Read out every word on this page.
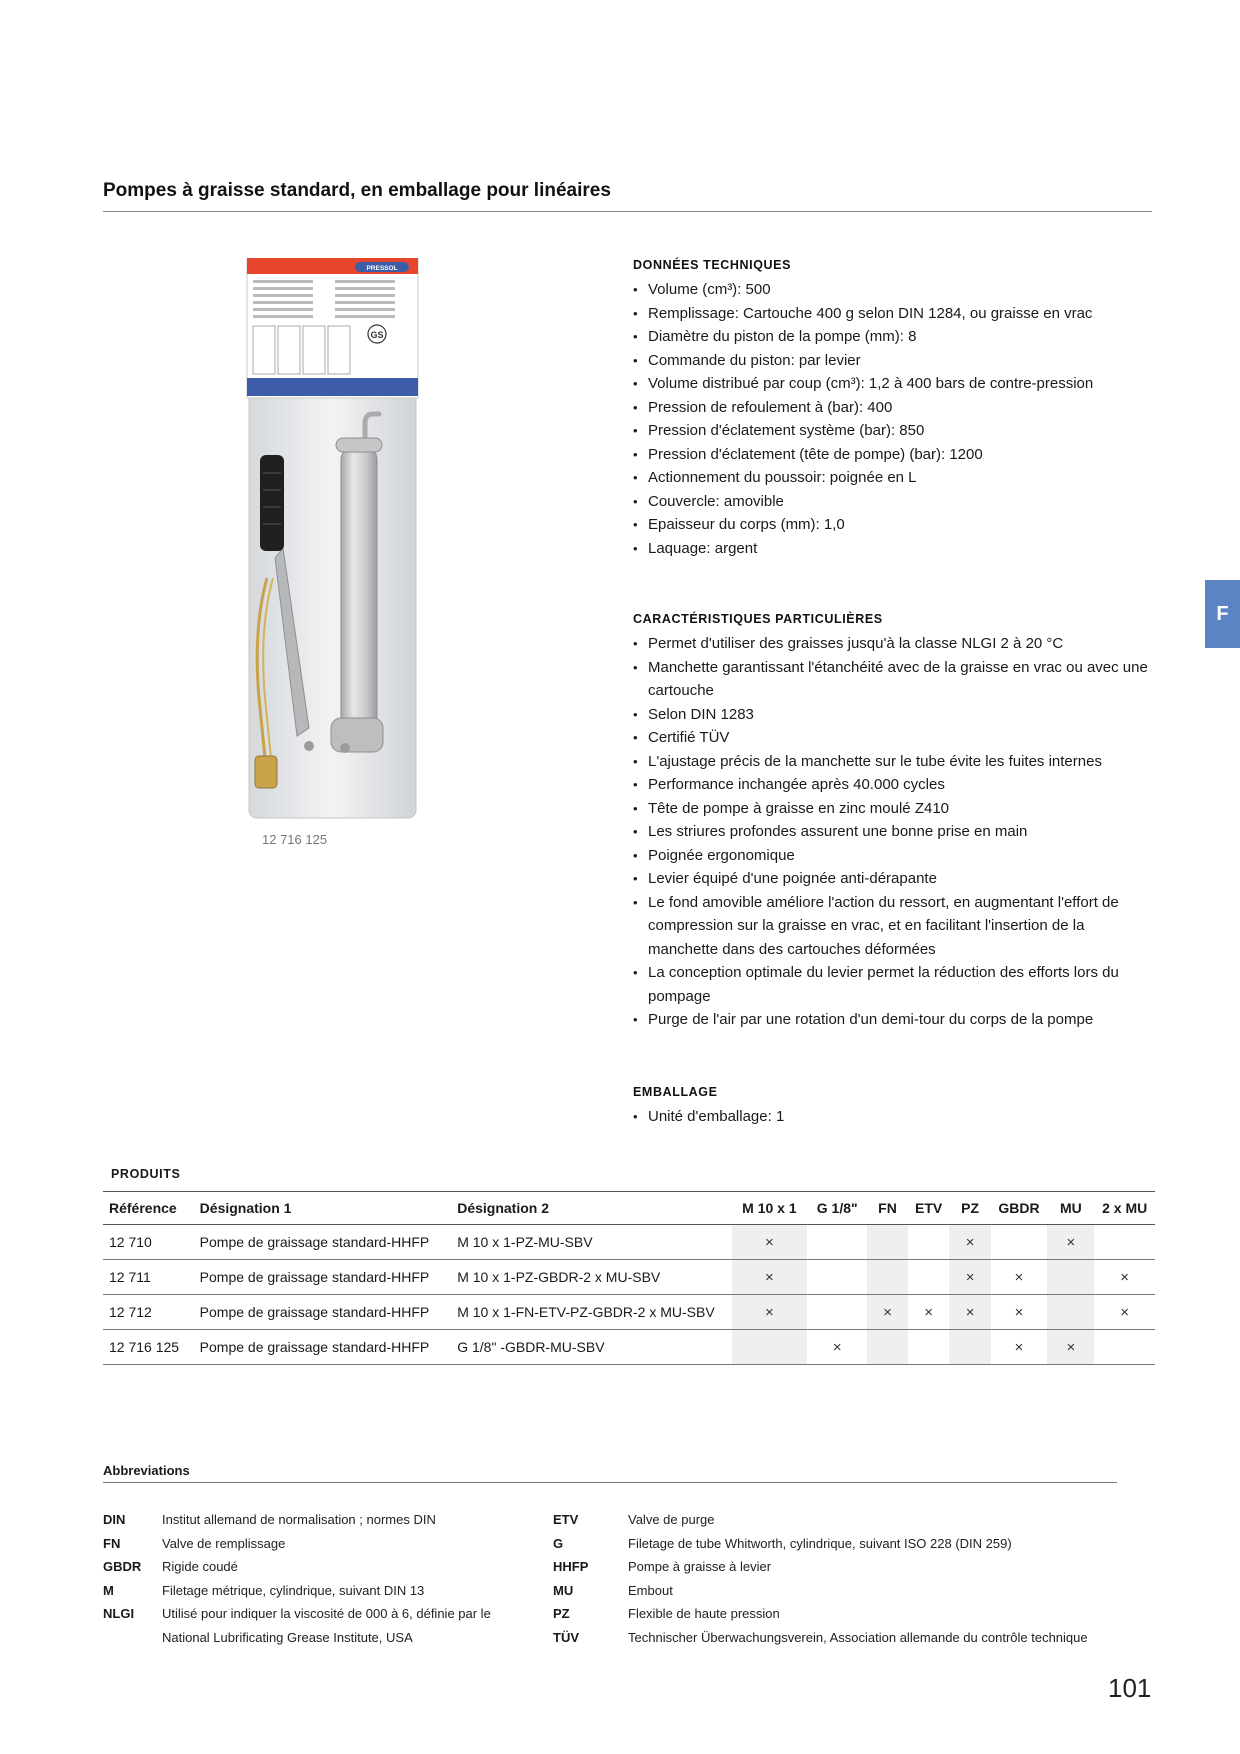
Pompes à graisse standard, en emballage pour linéaires
PRESSOL
GS
12 716 125
DONNÉES TECHNIQUES
• Volume (cm³): 500
• Remplissage: Cartouche 400 g selon DIN 1284, ou graisse en vrac
• Diamètre du piston de la pompe (mm): 8
• Commande du piston: par levier
• Volume distribué par coup (cm³): 1,2 à 400 bars de contre-pression
• Pression de refoulement à (bar): 400
• Pression d'éclatement système (bar): 850
• Pression d'éclatement (tête de pompe) (bar): 1200
• Actionnement du poussoir: poignée en L
• Couvercle: amovible
• Epaisseur du corps (mm): 1,0
• Laquage: argent
CARACTÉRISTIQUES PARTICULIÈRES
• Permet d'utiliser des graisses jusqu'à la classe NLGI 2 à 20 °C
• Manchette garantissant l'étanchéité avec de la graisse en vrac ou avec une cartouche
• Selon DIN 1283
• Certifié TÜV
• L'ajustage précis de la manchette sur le tube évite les fuites internes
• Performance inchangée après 40.000 cycles
• Tête de pompe à graisse en zinc moulé Z410
• Les striures profondes assurent une bonne prise en main
• Poignée ergonomique
• Levier équipé d'une poignée anti-dérapante
• Le fond amovible améliore l'action du ressort, en augmentant l'effort de compression sur la graisse en vrac, et en facilitant l'insertion de la manchette dans des cartouches déformées
• La conception optimale du levier permet la réduction des efforts lors du pompage
• Purge de l'air par une rotation d'un demi-tour du corps de la pompe
EMBALLAGE
• Unité d'emballage: 1
F
PRODUITS
Référence	Désignation 1	Désignation 2	M 10 x 1	G 1/8"	FN	ETV	PZ	GBDR	MU	2 x MU
12 710	Pompe de graissage standard-HHFP	M 10 x 1-PZ-MU-SBV	×				×		×	
12 711	Pompe de graissage standard-HHFP	M 10 x 1-PZ-GBDR-2 x MU-SBV	×				×	×		×
12 712	Pompe de graissage standard-HHFP	M 10 x 1-FN-ETV-PZ-GBDR-2 x MU-SBV	×		×	×	×	×		×
12 716 125	Pompe de graissage standard-HHFP	G 1/8" -GBDR-MU-SBV		×				×	×	
Abbreviations
DIN	Institut allemand de normalisation ; normes DIN
FN	Valve de remplissage
GBDR	Rigide coudé
M	Filetage métrique, cylindrique, suivant DIN 13
NLGI	Utilisé pour indiquer la viscosité de 000 à 6, définie par le National Lubrificating Grease Institute, USA
ETV	Valve de purge
G	Filetage de tube Whitworth, cylindrique, suivant ISO 228 (DIN 259)
HHFP	Pompe à graisse à levier
MU	Embout
PZ	Flexible de haute pression
TÜV	Technischer Überwachungsverein, Association allemande du contrôle technique
101
